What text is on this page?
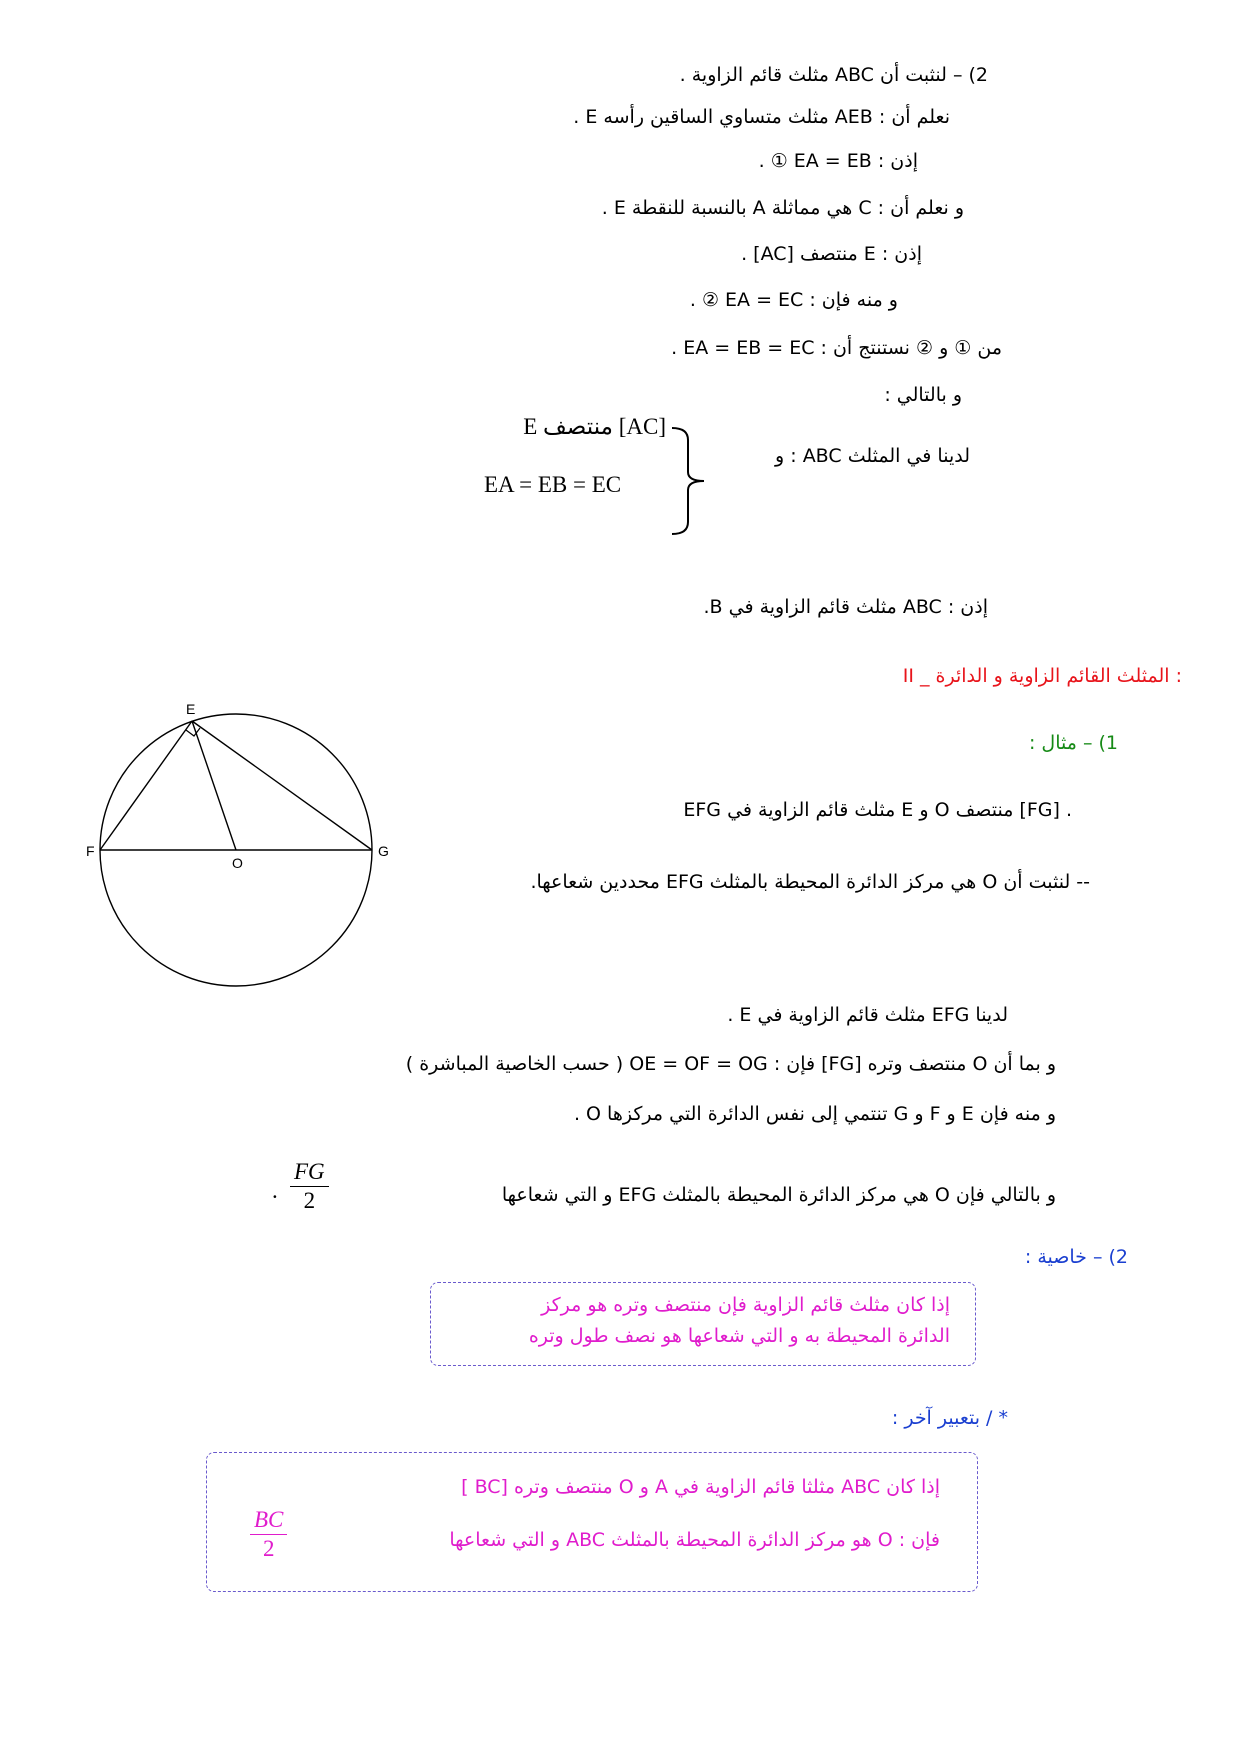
2) – لنثبت أن ABC مثلث قائم الزاوية .
نعلم أن : AEB مثلث متساوي الساقين رأسه E .
إذن : EA = EB ① .
و نعلم أن : C هي مماثلة A بالنسبة للنقطة E .
إذن : E منتصف [AC] .
و منه فإن : EA = EC ② .
من ① و ② نستنتج أن : EA = EB = EC .
و بالتالي :
E منتصف [AC]
EA = EB = EC
لدينا في المثلث ABC : و
إذن : ABC مثلث قائم الزاوية في B.
II _ المثلث القائم الزاوية و الدائرة :
1) – مثال :
E
F	G
O
EFG مثلث قائم الزاوية في E و O منتصف [FG] .
-- لنثبت أن O هي مركز الدائرة المحيطة بالمثلث EFG محددين شعاعها.
لدينا EFG مثلث قائم الزاوية في E .
و بما أن O منتصف وتره [FG] فإن : OE = OF = OG ( حسب الخاصية المباشرة )
و منه فإن E و F و G تنتمي إلى نفس الدائرة التي مركزها O .
و بالتالي فإن O هي مركز الدائرة المحيطة بالمثلث EFG و التي شعاعها
$\frac{FG}{2}$
.
2) – خاصية :
إذا كان مثلث قائم الزاوية فإن منتصف وتره هو مركز
الدائرة المحيطة به و التي شعاعها هو نصف طول وتره
* / بتعبير آخر :
إذا كان ABC مثلثا قائم الزاوية في A و O منتصف وتره [BC ]
فإن : O هو مركز الدائرة المحيطة بالمثلث ABC و التي شعاعها
$\frac{BC}{2}$
